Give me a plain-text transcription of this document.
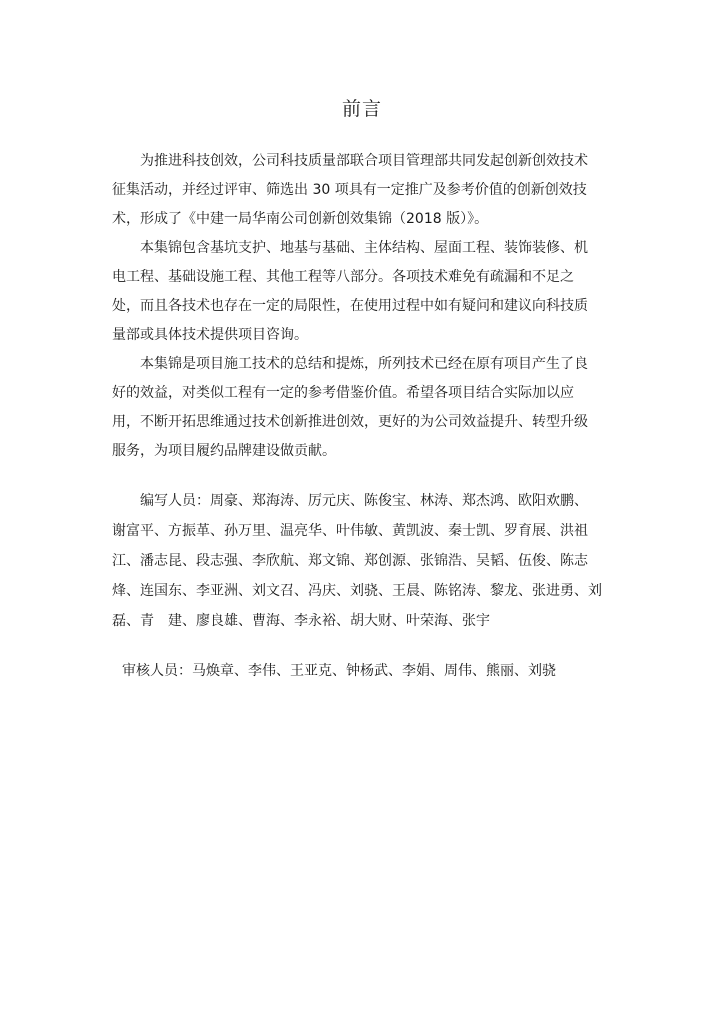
前言
为推进科技创效，公司科技质量部联合项目管理部共同发起创新创效技术
征集活动，并经过评审、筛选出 30 项具有一定推广及参考价值的创新创效技
术，形成了《中建一局华南公司创新创效集锦（2018 版）》。
本集锦包含基坑支护、地基与基础、主体结构、屋面工程、装饰装修、机
电工程、基础设施工程、其他工程等八部分。各项技术难免有疏漏和不足之
处，而且各技术也存在一定的局限性，在使用过程中如有疑问和建议向科技质
量部或具体技术提供项目咨询。
本集锦是项目施工技术的总结和提炼，所列技术已经在原有项目产生了良
好的效益，对类似工程有一定的参考借鉴价值。希望各项目结合实际加以应
用，不断开拓思维通过技术创新推进创效，更好的为公司效益提升、转型升级
服务，为项目履约品牌建设做贡献。
编写人员：周豪、郑海涛、厉元庆、陈俊宝、林涛、郑杰鸿、欧阳欢鹏、
谢富平、方振革、孙万里、温亮华、叶伟敏、黄凯波、秦士凯、罗育展、洪祖
江、潘志昆、段志强、李欣航、郑文锦、郑创源、张锦浩、吴韬、伍俊、陈志
烽、连国东、李亚洲、刘文召、冯庆、刘骁、王晨、陈铭涛、黎龙、张进勇、刘
磊、青　建、廖良雄、曹海、李永裕、胡大财、叶荣海、张宇
审核人员：马焕章、李伟、王亚克、钟杨武、李娟、周伟、熊丽、刘骁
